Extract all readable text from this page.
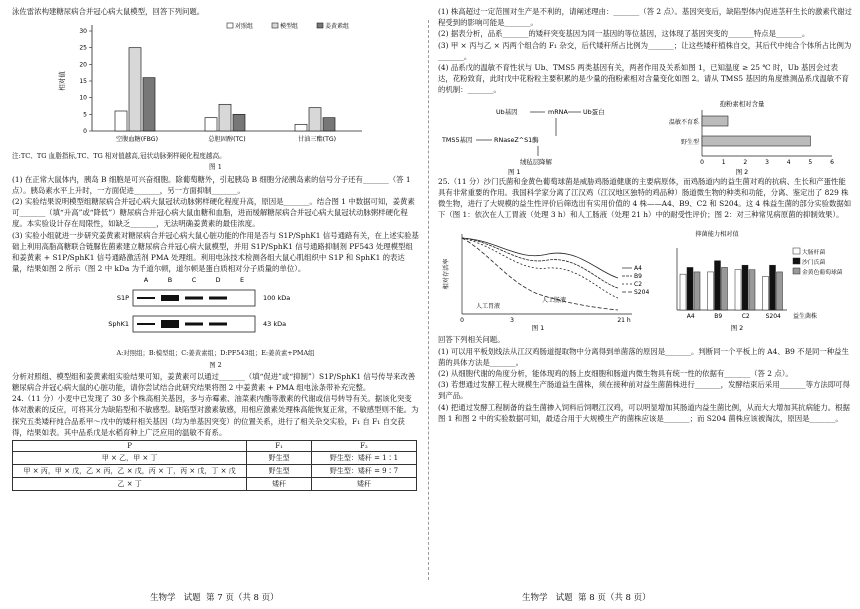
泳佐雷浓构建糖尿病合并冠心病大鼠模型，回答下列问题。

0
5
10
15
20
25
30
相对值
空腹血糖(FBG)	总胆固醇(TC)	甘油三酯(TG)
对照组	模型组	姜黄素组

注:TC、TG 血脂指标,TC、TG 相对值越高,冠状动脉粥样硬化程度越高。

图 1

(1) 在正常大鼠体内，胰岛 B 细胞是可兴奋细胞。除葡萄糖外，引起胰岛 B 细胞分泌胰岛素的信号分子还有_______（答 1 点）。胰岛素水平上升时，一方面促进_______，另一方面抑制_______。

(2) 实验结果说明模型组糖尿病合并冠心病大鼠冠状动脉粥样硬化程度升高，原因是_______。结合图 1 中数据可知，姜黄素可_______（填“升高”或“降低”）糖尿病合并冠心病大鼠血糖和血脂，进而缓解糖尿病合并冠心病大鼠冠状动脉粥样硬化程度。本实验设计存在局限性，如缺乏_______，无法明确姜黄素的最佳浓度。

(3) 实验小组就进一步研究姜黄素对糖尿病合并冠心病大鼠心脏功能的作用是否与 S1P/SphK1 信号通路有关，在上述实验基础上利用高脂高糖联合链脲佐菌素建立糖尿病合并冠心病大鼠模型，并用 S1P/SphK1 信号通路抑制剂 PF543 处理模型组和姜黄素 + S1P/SphK1 信号通路激活剂 PMA 处理组。利用电泳技术检测各组大鼠心肌组织中 S1P 和 SphK1 的表达量，结果如图 2 所示（图 2 中 kDa 为千道尔顿，道尔顿是蛋白质相对分子质量的单位）。

A	B	C	D	E
S1P	100 kDa
SphK1	43 kDa

A:对照组；B:模型组；C:姜黄素组；D:PF543组；E:姜黄素+PMA组

图 2

分析对照组、模型组和姜黄素组实验结果可知，姜黄素可以通过_______（填“促进”或“抑制”）S1P/SphK1 信号传导来改善糖尿病合并冠心病大鼠的心脏功能，请你尝试结合此研究结果将图 2 中姜黄素 + PMA 组电泳条带补充完整。

24.（11 分）小麦中已发现了 30 多个株高相关基因，多与赤霉素、油菜素内酯等激素的代谢或信号转导有关。据该化突变体对激素的反应，可将其分为缺陷型和不敏感型。缺陷型对激素敏感，用相应激素处理株高能恢复正常，不敏感型则不能。为探究五类矮秆纯合品系甲～戊中的矮秆相关基因（均为单基因突变）的位置关系，进行了相关杂交实验，F₁ 自 F₁ 自交获得，结果如表。其中品系戊是水稻育种上广泛应用的温敏不育系。

P	F₁	F₂
甲 × 乙，甲 × 丁	野生型	野生型：矮秆 = 1∶1
甲 × 丙，甲 × 戊，乙 × 丙，乙 × 戊，丙 × 丁，丙 × 戊，丁 × 戊	野生型	野生型：矮秆 = 9∶7
乙 × 丁	矮秆	矮秆
生物学 试题 第 7 页（共 8 页）

(1) 株高超过一定范围对生产是不利的，请阐述理由：_______（答 2 点）。基因突变后，缺陷型体内促进茎秆生长的激素代谢过程受到的影响可能是_______。

(2) 据表分析，品系_______的矮秆突变基因为同一基因的等位基因，这体现了基因突变的_______特点是_______。

(3) 甲 × 丙与乙 × 丙两个组合的 F₁ 杂交，后代矮秆所占比例为_______；让这些矮秆植株自交，其后代中纯合个体所占比例为_______。

(4) 品系戊的温敏不育性状与 Ub、TMS5 两类基因有关，两者作用及关系如图 1，已知温度 ≥ 25 ℃ 时，Ub 基因会过表达，花粉致育，此时戊中花粉粒主要积累的是少量的孢粉素相对含量变化如图 2。请从 TMS5 基因的角度推测品系戊温敏不育的机制：_______。

Ub基因	mRNA Ub蛋白
TMS5基因	RNaseZ^S1酶
绒毡层降解
图 1
孢粉素相对含量
0	1	2	3	4	5	6
温敏不育系
野生型
图 2

25.（11 分）沙门氏菌和金黄色葡萄球菌是威胁鸡肠道健康的主要病原体，而鸡肠道内的益生菌对鸡的抗病、生长和产蛋性能具有非常重要的作用。我国科学家分离了江汉鸡（江汉地区独特的鸡品种）肠道微生物的种类和功能，分离、鉴定出了 829 株微生物，进行了大规模的益生性评价后筛选出有实用价值的 4 株——A4、B9、C2 和 S204。这 4 株益生菌的部分实验数据如下（图 1：依次在人工胃液（处理 3 h）和人工肠液（处理 21 h）中的耐受性评价；图 2：对三种常见病原菌的抑制效果）。

相对存活率
0	3	21 h
人工胃液
人工肠液
A4
B9
C2
S204
图 1
抑菌能力相对值
A4	B9	C2	S204 益生菌株
大肠杆菌
沙门氏菌
金黄色葡萄球菌
图 2

回答下列相关问题。

(1) 可以用平板划线法从江汉鸡肠道提取物中分离得到单菌落的原因是_______。判断同一个平板上的 A4、B9 不是同一种益生菌的具体方法是_______。

(2) 从细胞代谢的角度分析，能体现鸡的肠上皮细胞和肠道内微生物具有统一性的依据有_______（答 2 点）。

(3) 若想通过发酵工程大规模生产肠道益生菌株，须在接种前对益生菌菌株进行_______，发酵结束后采用_______等方法即可得到产品。

(4) 把通过发酵工程制备的益生菌掺入饲料后饲喂江汉鸡，可以明显增加其肠道内益生菌比例，从而大大增加其抗病能力。根据图 1 和图 2 中的实验数据可知，最适合用于大规模生产的菌株应该是_______；而 S204 菌株应该被淘汰，原因是_______。

生物学 试题 第 8 页（共 8 页）
